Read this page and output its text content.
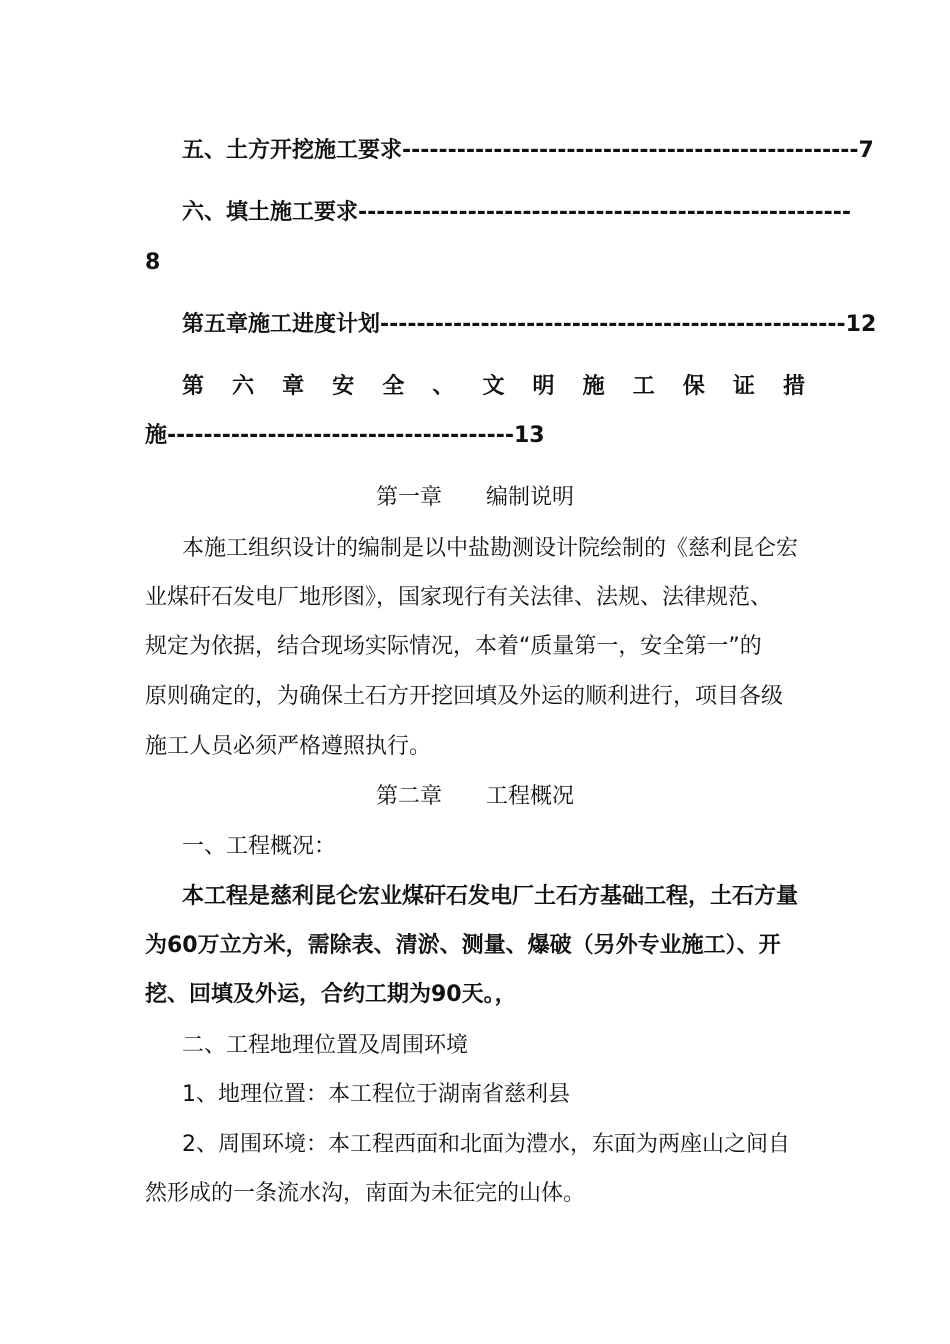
五、土方开挖施工要求--------------------------------------------------7
六、填土施工要求------------------------------------------------------
8
第五章施工进度计划---------------------------------------------------12
第 六 章 安 全 、 文 明 施 工 保 证 措
施--------------------------------------13
第一章　　编制说明
本施工组织设计的编制是以中盐勘测设计院绘制的《慈利昆仑宏
业煤矸石发电厂地形图》，国家现行有关法律、法规、法律规范、
规定为依据，结合现场实际情况，本着“质量第一，安全第一”的
原则确定的，为确保土石方开挖回填及外运的顺利进行，项目各级
施工人员必须严格遵照执行。
第二章　　工程概况
一、工程概况：
本工程是慈利昆仑宏业煤矸石发电厂土石方基础工程，土石方量
为60万立方米，需除表、清淤、测量、爆破（另外专业施工）、开
挖、回填及外运，合约工期为90天。，
二、工程地理位置及周围环境
1、地理位置：本工程位于湖南省慈利县
2、周围环境：本工程西面和北面为澧水，东面为两座山之间自
然形成的一条流水沟，南面为未征完的山体。
